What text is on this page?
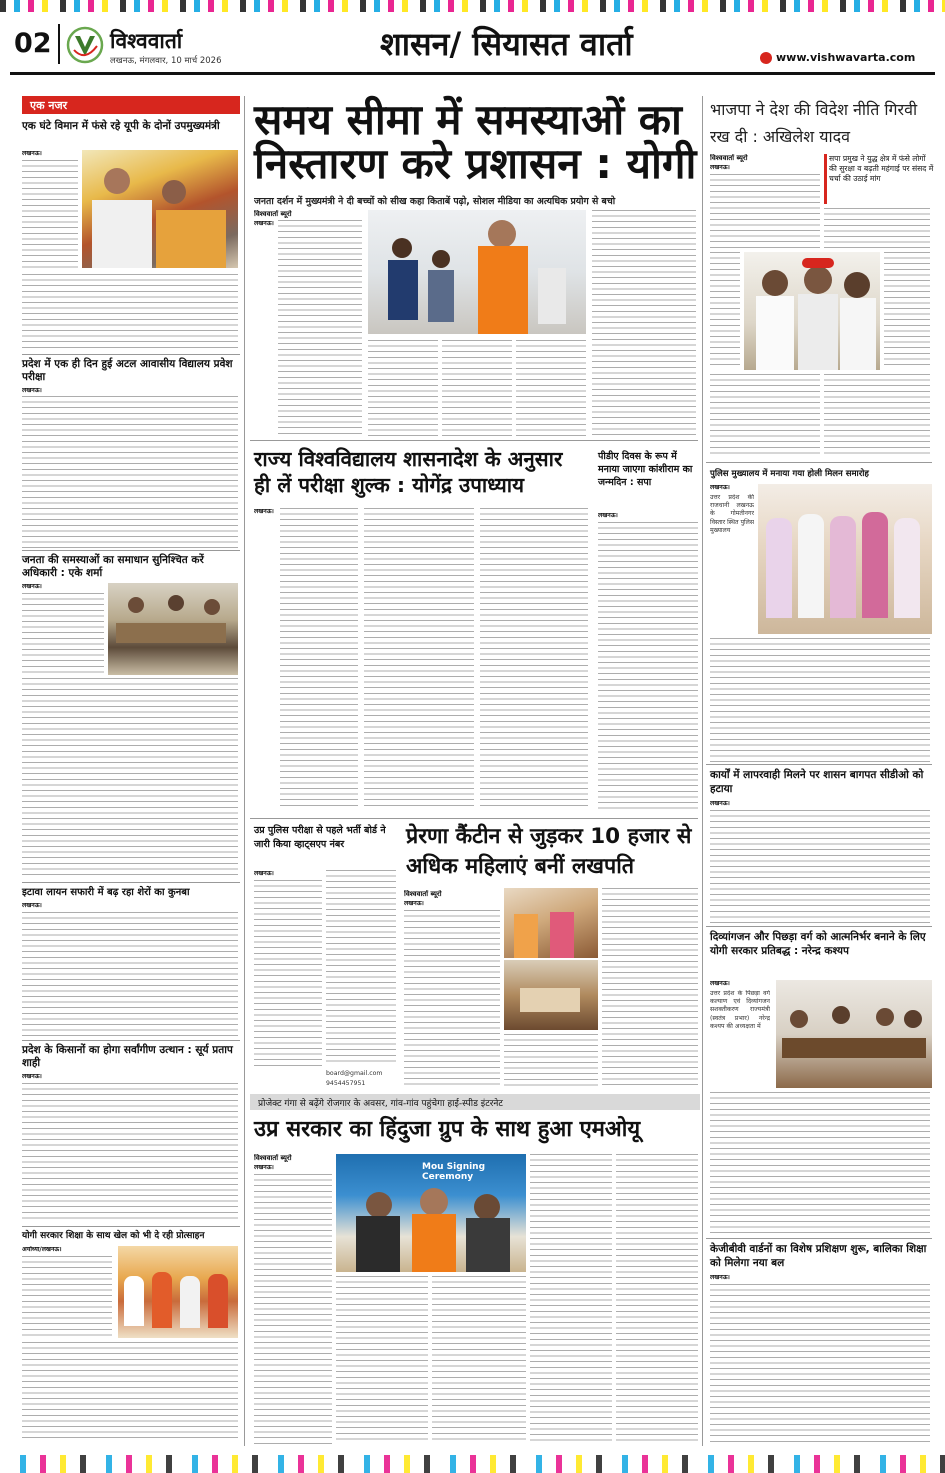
02	विश्ववार्ता
लखनऊ, मंगलवार, 10 मार्च 2026	शासन/ सियासत वार्ता	www.vishwavarta.com
एक नजर
एक घंटे विमान में फंसे रहे यूपी के दोनों उपमुख्यमंत्री
लखनऊ।
प्रदेश में एक ही दिन हुई अटल आवासीय विद्यालय प्रवेश परीक्षा
लखनऊ।
जनता की समस्याओं का समाधान सुनिश्चित करें अधिकारी : एके शर्मा
लखनऊ।
इटावा लायन सफारी में बढ़ रहा शेरों का कुनबा
लखनऊ।
प्रदेश के किसानों का होगा सर्वांगीण उत्थान : सूर्य प्रताप शाही
लखनऊ।
योगी सरकार शिक्षा के साथ खेल को भी दे रही प्रोत्साहन
अयोध्या/लखनऊ।
समय सीमा में समस्याओं का
निस्तारण करे प्रशासन : योगी
जनता दर्शन में मुख्यमंत्री ने दी बच्चों को सीख कहा किताबें पढ़ो, सोशल मीडिया का अत्यधिक प्रयोग से बचो
विश्ववार्ता ब्यूरो
लखनऊ।
भाजपा ने देश की विदेश नीति गिरवी रख दी : अखिलेश यादव
विश्ववार्ता ब्यूरो
लखनऊ।
सपा प्रमुख ने युद्ध क्षेत्र में फंसे लोगों की सुरक्षा व बढ़ती महंगाई पर संसद में चर्चा की उठाई मांग
राज्य विश्वविद्यालय शासनादेश के अनुसार
ही लें परीक्षा शुल्क : योगेंद्र उपाध्याय
लखनऊ।
पीडीए दिवस के रूप में मनाया जाएगा कांशीराम का जन्मदिन : सपा
लखनऊ।
पुलिस मुख्यालय में मनाया गया होली मिलन समारोह
लखनऊ।
उत्तर प्रदेश की राजधानी लखनऊ के गोमतीनगर विस्तार स्थित पुलिस मुख्यालय
कार्यों में लापरवाही मिलने पर शासन बागपत सीडीओ को हटाया
लखनऊ।
दिव्यांगजन और पिछड़ा वर्ग को आत्मनिर्भर बनाने के लिए योगी सरकार प्रतिबद्ध : नरेन्द्र कश्यप
लखनऊ।
उत्तर प्रदेश के पिछड़ा वर्ग कल्याण एवं दिव्यांगजन सशक्तीकरण राज्यमंत्री (स्वतंत्र प्रभार) नरेन्द्र कश्यप की अध्यक्षता में
केजीबीवी वार्डनों का विशेष प्रशिक्षण शुरू, बालिका शिक्षा को मिलेगा नया बल
लखनऊ।
उप्र पुलिस परीक्षा से पहले भर्ती बोर्ड ने जारी किया व्हाट्सएप नंबर
लखनऊ।
board@gmail.com
9454457951
प्रेरणा कैंटीन से जुड़कर 10 हजार से
अधिक महिलाएं बनीं लखपति
विश्ववार्ता ब्यूरो
लखनऊ।
प्रोजेक्ट गंगा से बढ़ेंगे रोजगार के अवसर, गांव-गांव पहुंचेगा हाई-स्पीड इंटरनेट
उप्र सरकार का हिंदुजा ग्रुप के साथ हुआ एमओयू
विश्ववार्ता ब्यूरो
लखनऊ।	Mou Signing Ceremony
